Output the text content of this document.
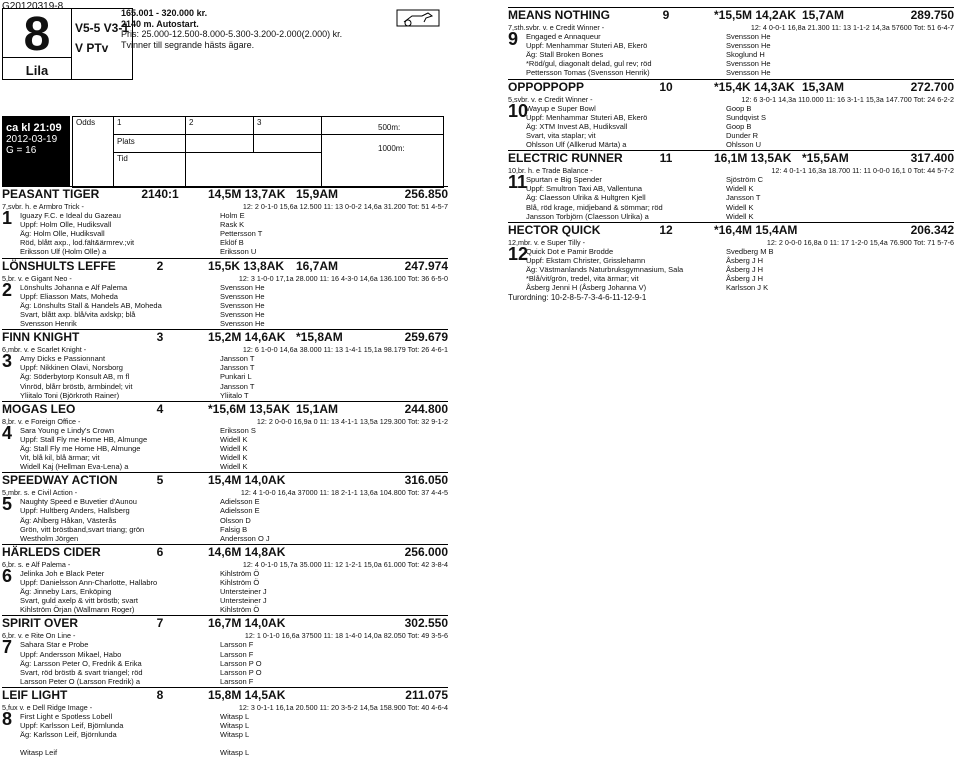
G20120319-8
8
Lila
V5-5 V3-1
V PTv
165.001 - 320.000 kr.
2140 m. Autostart.
Pris: 25.000-12.500-8.000-5.300-3.200-2.000(2.000) kr.
Tvinner till segrande hästs ägare.
ca kl 21:09
2012-03-19
G = 16
Odds	1	2	3
Plats
Tid
500m:
1000m:
PEASANT TIGER	2140:1 14,5M 13,7AK 15,9AM	256.850
7,svbr. h. e Armbro Trick -	12: 2 0-1-0 15,6a 12.500 11: 13 0-0-2 14,6a 31.200 Tot: 51 4-5-7
1 Iguazy F.C. e Ideal du Gazeau	Holm E
Uppf: Holm Olle, Hudiksvall	Rask K
Äg: Holm Olle, Hudiksvall	Pettersson T
Röd, blått axp., lod.fält&ärmrev.;vit	Eklöf B
Eriksson Ulf (Holm Olle) a	Eriksson U
LÖNSHULTS LEFFE	2	15,5K 13,8AK 16,7AM	247.974
5,br. v. e Gigant Neo -	12: 3 1-0-0 17,1a 28.000 11: 16 4-3-0 14,6a 136.100 Tot: 36 6-5-0
2 Lönshults Johanna e Alf Palema	Svensson He
Uppf: Eliasson Mats, Moheda	Svensson He
Äg: Lönshults Stall & Handels AB, Moheda	Svensson He
Svart, blått axp. blå/vita axlskp; blå	Svensson He
Svensson Henrik	Svensson He
FINN KNIGHT	3	15,2M 14,6AK *15,8AM	259.679
6,mbr. v. e Scarlet Knight -	12: 6 1-0-0 14,6a 38.000 11: 13 1-4-1 15,1a 98.179 Tot: 26 4-6-1
3 Amy Dicks e Passionnant	Jansson T
Uppf: Nikkinen Olavi, Norsborg	Jansson T
Äg: Söderbytorp Konsult AB, m fl	Punkari L
Vinröd, blårr bröstb, ärmbindel; vit	Jansson T
Yliitalo Toni (Björkroth Rainer)	Yliitalo T
MOGAS LEO	4	*15,6M 13,5AK 15,1AM	244.800
8,br. v. e Foreign Office -	12: 2 0-0-0 16,9a 0 11: 13 4-1-1 13,5a 129.300 Tot: 32 9-1-2
4 Sara Young e Lindy's Crown	Eriksson S
Uppf: Stall Fly me Home HB, Almunge	Widell K
Äg: Stall Fly me Home HB, Almunge	Widell K
Vit, blå kil, blå ärmar; vit	Widell K
Widell Kaj (Hellman Eva-Lena) a	Widell K
SPEEDWAY ACTION	5	15,4M 14,0AK	316.050
5,mbr. s. e Civil Action -	12: 4 1-0-0 16,4a 37000 11: 18 2-1-1 13,6a 104.800 Tot: 37 4-4-5
5 Naughty Speed e Buvetier d'Aunou	Adielsson E
Uppf: Hultberg Anders, Hallsberg	Adielsson E
Äg: Ahlberg Håkan, Västerås	Olsson D
Grön, vitt bröstband,svart triang; grön	Falsig B
Westholm Jörgen	Andersson O J
HÄRLEDS CIDER	6	14,6M 14,8AK	256.000
6,br. s. e Alf Palema -	12: 4 0-1-0 15,7a 35.000 11: 12 1-2-1 15,0a 61.000 Tot: 42 3-8-4
6 Jelinka Joh e Black Peter	Kihlström Ö
Uppf: Danielsson Ann-Charlotte, Hallabro	Kihlström Ö
Äg: Jinneby Lars, Enköping	Untersteiner J
Svart, guld axelp & vitt bröstb; svart	Untersteiner J
Kihlström Örjan (Wallmann Roger)	Kihlström Ö
SPIRIT OVER	7	16,7M 14,0AK	302.550
6,br. v. e Rite On Line -	12: 1 0-1-0 16,6a 37500 11: 18 1-4-0 14,0a 82.050 Tot: 49 3-5-6
7 Sahara Star e Probe	Larsson F
Uppf: Andersson Mikael, Habo	Larsson F
Äg: Larsson Peter O, Fredrik & Erika	Larsson P O
Svart, röd bröstb & svart triangel; röd	Larsson P O
Larsson Peter O (Larsson Fredrik) a	Larsson F
LEIF LIGHT	8	15,8M 14,5AK	211.075
5,fux v. e Dell Ridge Image -	12: 3 0-1-1 16,1a 20.500 11: 20 3-5-2 14,5a 158.900 Tot: 40 4-6-4
8 First Light e Spotless Lobell	Witasp L
Uppf: Karlsson Leif, Björnlunda	Witasp L
Äg: Karlsson Leif, Björnlunda	Witasp L
Witasp Leif	Witasp L
MEANS NOTHING	9	*15,5M 14,2AK 15,7AM	289.750
7,sth.svbr. v. e Credit Winner -	12: 4 0-0-1 16,8a 21.300 11: 13 1-1-2 14,3a 57600 Tot: 51 6-4-7
9 Engaged e Annaqueur	Svensson He
Uppf: Menhammar Stuteri AB, Ekerö	Svensson He
Äg: Stall Broken Bones	Skoglund H
*Röd/gul, diagonalt delad, gul rev; röd	Svensson He
Pettersson Tomas (Svensson Henrik)	Svensson He
OPPOPPOPP	10	*15,4K 14,3AK 15,3AM	272.700
5,svbr. v. e Credit Winner -	12: 6 3-0-1 14,3a 110.000 11: 16 3-1-1 15,3a 147.700 Tot: 24 6-2-2
10
Wayup e Super Bowl	Goop B
Uppf: Menhammar Stuteri AB, Ekerö	Sundqvist S
Äg: XTM Invest AB, Hudiksvall	Goop B
Svart, vita staplar; vit	Dunder R
Ohlsson Ulf (Allkerud Märta) a	Ohlsson U
ELECTRIC RUNNER	11	16,1M 13,5AK *15,5AM	317.400
10,br. h. e Trade Balance -	12: 4 0-1-1 16,3a 18.700 11: 11 0-0-0 16,1 0 Tot: 44 5-7-2
11
Spurtan e Big Spender	Sjöström C
Uppf: Smultron Taxi AB, Vallentuna	Widell K
Äg: Claesson Ulrika & Hultgren Kjell	Jansson T
Blå, röd krage, midjeband & sömmar; röd	Widell K
Jansson Torbjörn (Claesson Ulrika) a	Widell K
HECTOR QUICK	12	*16,4M 15,4AM	206.342
12,mbr. v. e Super Tilly -	12: 2 0-0-0 16,8a 0 11: 17 1-2-0 15,4a 76.900 Tot: 71 5-7-6
12
Quick Dot e Pamir Brodde	Svedberg M B
Uppf: Ekstam Christer, Grisslehamn	Åsberg J H
Äg: Västmanlands Naturbruksgymnasium, Sala	Åsberg J H
*Blå/vit/grön, tredel, vita ärmar; vit	Åsberg J H
Åsberg Jenni H (Åsberg Johanna V)	Karlsson J K
Turordning: 10-2-8-5-7-3-4-6-11-12-9-1
